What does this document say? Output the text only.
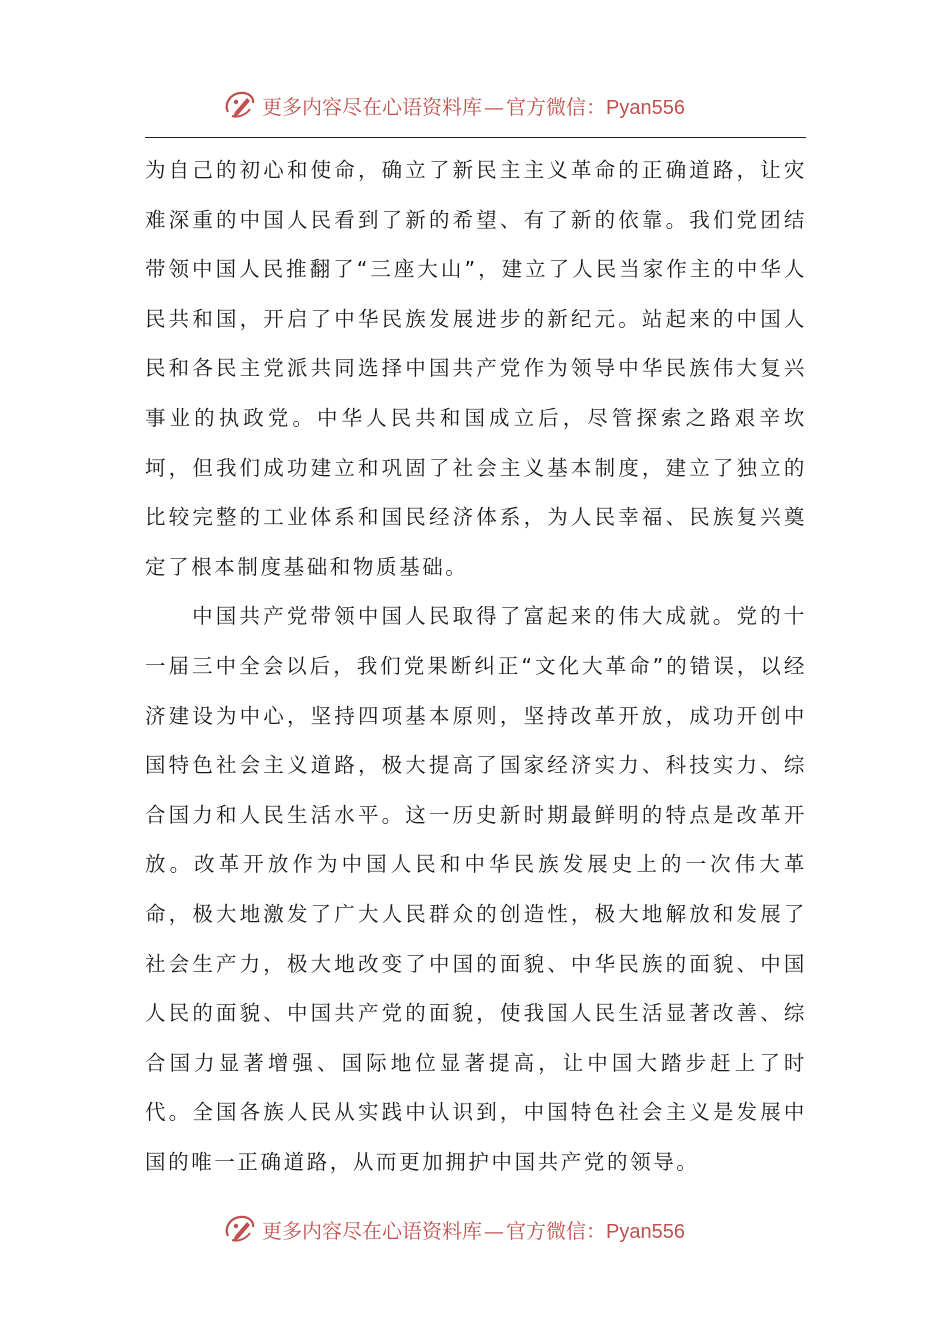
更多内容尽在心语资料库 — 官方微信：Pyan556

为自己的初心和使命，确立了新民主主义革命的正确道路，让灾难深重的中国人民看到了新的希望、有了新的依靠。我们党团结带领中国人民推翻了“三座大山”，建立了人民当家作主的中华人民共和国，开启了中华民族发展进步的新纪元。站起来的中国人民和各民主党派共同选择中国共产党作为领导中华民族伟大复兴事业的执政党。中华人民共和国成立后，尽管探索之路艰辛坎坷，但我们成功建立和巩固了社会主义基本制度，建立了独立的比较完整的工业体系和国民经济体系，为人民幸福、民族复兴奠定了根本制度基础和物质基础。

中国共产党带领中国人民取得了富起来的伟大成就。党的十一届三中全会以后，我们党果断纠正“文化大革命”的错误，以经济建设为中心，坚持四项基本原则，坚持改革开放，成功开创中国特色社会主义道路，极大提高了国家经济实力、科技实力、综合国力和人民生活水平。这一历史新时期最鲜明的特点是改革开放。改革开放作为中国人民和中华民族发展史上的一次伟大革命，极大地激发了广大人民群众的创造性，极大地解放和发展了社会生产力，极大地改变了中国的面貌、中华民族的面貌、中国人民的面貌、中国共产党的面貌，使我国人民生活显著改善、综合国力显著增强、国际地位显著提高，让中国大踏步赶上了时代。全国各族人民从实践中认识到，中国特色社会主义是发展中国的唯一正确道路，从而更加拥护中国共产党的领导。

更多内容尽在心语资料库 — 官方微信：Pyan556
